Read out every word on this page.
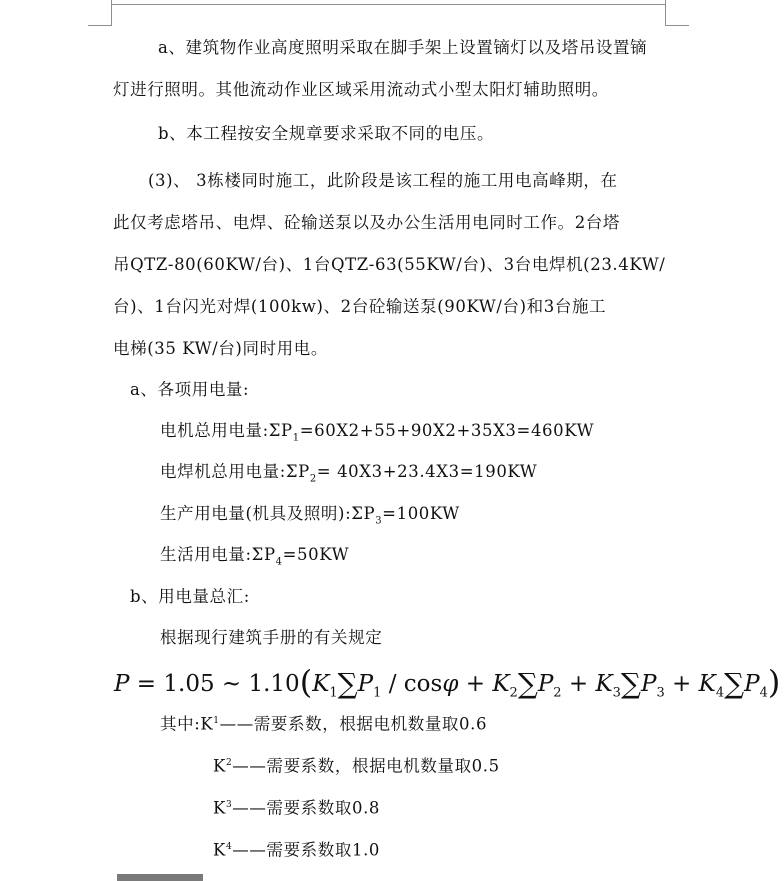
a、建筑物作业高度照明采取在脚手架上设置镝灯以及塔吊设置镝
灯进行照明。其他流动作业区域采用流动式小型太阳灯辅助照明。
b、本工程按安全规章要求采取不同的电压。
(3)、 3栋楼同时施工，此阶段是该工程的施工用电高峰期，在
此仅考虑塔吊、电焊、砼输送泵以及办公生活用电同时工作。2台塔
吊QTZ-80(60KW/台)、1台QTZ-63(55KW/台)、3台电焊机(23.4KW/
台)、1台闪光对焊(100kw)、2台砼输送泵(90KW/台)和3台施工
电梯(35 KW/台)同时用电。
a、各项用电量:
电机总用电量$:\Sigma P_1=60X2+55+90X2+35X3=460KW$
电焊机总用电量$:\Sigma P_2= 40X3+23.4X3=190KW$
生产用电量(机具及照明)$:\Sigma P_3=100KW$
生活用电量$:\Sigma P_4=50KW$
b、用电量总汇:
根据现行建筑手册的有关规定
P = 1.05 ~ $1.10(K_1\sum P_1 / \cos\varphi + K_2\sum P_2 + K_3\sum P_3 + K_4\sum P_4)$
其中$:K^1——$需要系数，根据电机数量取0.6
$K^2——$需要系数，根据电机数量取0.5
$K^3——$需要系数取0.8
$K^4——$需要系数取1.0
